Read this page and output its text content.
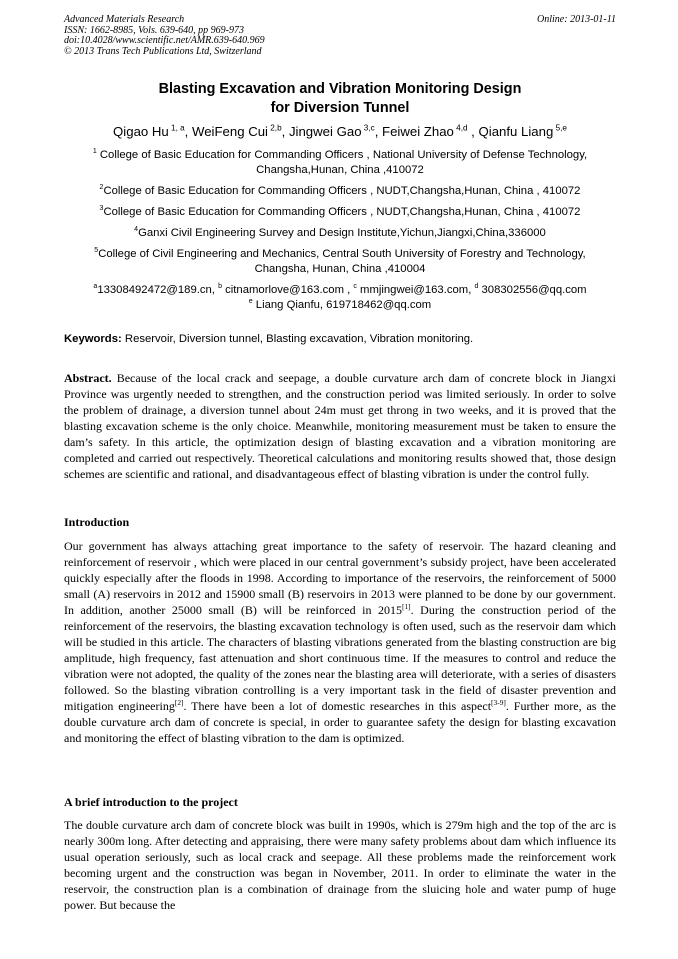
Advanced Materials Research
ISSN: 1662-8985, Vols. 639-640, pp 969-973
doi:10.4028/www.scientific.net/AMR.639-640.969
© 2013 Trans Tech Publications Ltd, Switzerland
Online: 2013-01-11
Blasting Excavation and Vibration Monitoring Design
for Diversion Tunnel
Qigao Hu $^{1, a}$, WeiFeng Cui $^{2,b}$, Jingwei Gao $^{3,c}$, Feiwei Zhao $^{4,d}$ , Qianfu Liang $^{5,e}$
$^1$ College of Basic Education for Commanding Officers , National University of Defense Technology,
Changsha,Hunan, China ,410072
$^2$College of Basic Education for Commanding Officers , NUDT,Changsha,Hunan, China , 410072
$^3$College of Basic Education for Commanding Officers , NUDT,Changsha,Hunan, China , 410072
$^4$Ganxi Civil Engineering Survey and Design Institute,Yichun,Jiangxi,China,336000
$^5$College of Civil Engineering and Mechanics, Central South University of Forestry and Technology,
Changsha, Hunan, China ,410004
$^a$13308492472@189.cn, $^b$ citnamorlove@163.com , $^c$ mmjingwei@163.com, $^d$ 308302556@qq.com
$^e$ Liang Qianfu, 619718462@qq.com
Keywords: Reservoir, Diversion tunnel, Blasting excavation, Vibration monitoring.
Abstract. Because of the local crack and seepage, a double curvature arch dam of concrete block in Jiangxi Province was urgently needed to strengthen, and the construction period was limited seriously. In order to solve the problem of drainage, a diversion tunnel about 24m must get throng in two weeks, and it is proved that the blasting excavation scheme is the only choice. Meanwhile, monitoring measurement must be taken to ensure the dam’s safety. In this article, the optimization design of blasting excavation and a vibration monitoring are completed and carried out respectively. Theoretical calculations and monitoring results showed that, those design schemes are scientific and rational, and disadvantageous effect of blasting vibration is under the control fully.
Introduction
Our government has always attaching great importance to the safety of reservoir. The hazard cleaning and reinforcement of reservoir , which were placed in our central government’s subsidy project, have been accelerated quickly especially after the floods in 1998. According to importance of the reservoirs, the reinforcement of 5000 small (A) reservoirs in 2012 and 15900 small (B) reservoirs in 2013 were planned to be done by our government. In addition, another 25000 small (B) will be reinforced in 2015[1]. During the construction period of the reinforcement of the reservoirs, the blasting excavation technology is often used, such as the reservoir dam which will be studied in this article. The characters of blasting vibrations generated from the blasting construction are big amplitude, high frequency, fast attenuation and short continuous time. If the measures to control and reduce the vibration were not adopted, the quality of the zones near the blasting area will deteriorate, with a series of disasters followed. So the blasting vibration controlling is a very important task in the field of disaster prevention and mitigation engineering[2]. There have been a lot of domestic researches in this aspect[3-9]. Further more, as the double curvature arch dam of concrete is special, in order to guarantee safety the design for blasting excavation and monitoring the effect of blasting vibration to the dam is optimized.
A brief introduction to the project
The double curvature arch dam of concrete block was built in 1990s, which is 279m high and the top of the arc is nearly 300m long. After detecting and appraising, there were many safety problems about dam which influence its usual operation seriously, such as local crack and seepage. All these problems made the reinforcement work becoming urgent and the construction was began in November, 2011. In order to eliminate the water in the reservoir, the construction plan is a combination of drainage from the sluicing hole and water pump of huge power. But because the
